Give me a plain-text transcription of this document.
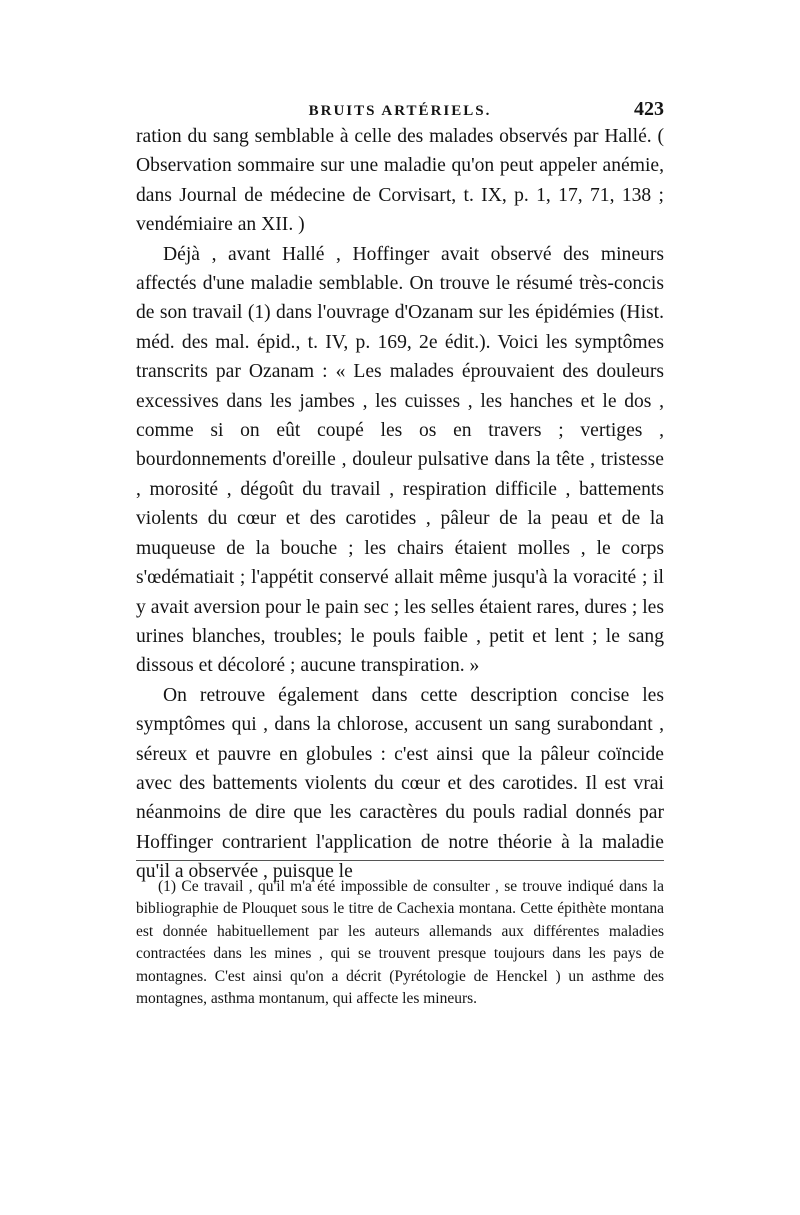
BRUITS ARTÉRIELS.	423

ration du sang semblable à celle des malades observés par Hallé. ( Observation sommaire sur une maladie qu'on peut appeler anémie, dans Journal de médecine de Corvisart, t. IX, p. 1, 17, 71, 138 ; vendémiaire an XII. )

Déjà , avant Hallé , Hoffinger avait observé des mineurs affectés d'une maladie semblable. On trouve le résumé très-concis de son travail (1) dans l'ouvrage d'Ozanam sur les épidémies (Hist. méd. des mal. épid., t. IV, p. 169, 2e édit.). Voici les symptômes transcrits par Ozanam : « Les malades éprouvaient des douleurs excessives dans les jambes , les cuisses , les hanches et le dos , comme si on eût coupé les os en travers ; vertiges , bourdonnements d'oreille , douleur pulsative dans la tête , tristesse , morosité , dégoût du travail , respiration difficile , battements violents du cœur et des carotides , pâleur de la peau et de la muqueuse de la bouche ; les chairs étaient molles , le corps s'œdématiait ; l'appétit conservé allait même jusqu'à la voracité ; il y avait aversion pour le pain sec ; les selles étaient rares, dures ; les urines blanches, troubles; le pouls faible , petit et lent ; le sang dissous et décoloré ; aucune transpiration. »

On retrouve également dans cette description concise les symptômes qui , dans la chlorose, accusent un sang surabondant , séreux et pauvre en globules : c'est ainsi que la pâleur coïncide avec des battements violents du cœur et des carotides. Il est vrai néanmoins de dire que les caractères du pouls radial donnés par Hoffinger contrarient l'application de notre théorie à la maladie qu'il a observée , puisque le

(1) Ce travail , qu'il m'a été impossible de consulter , se trouve indiqué dans la bibliographie de Plouquet sous le titre de Cachexia montana. Cette épithète montana est donnée habituellement par les auteurs allemands aux différentes maladies contractées dans les mines , qui se trouvent presque toujours dans les pays de montagnes. C'est ainsi qu'on a décrit (Pyrétologie de Henckel ) un asthme des montagnes, asthma montanum, qui affecte les mineurs.
